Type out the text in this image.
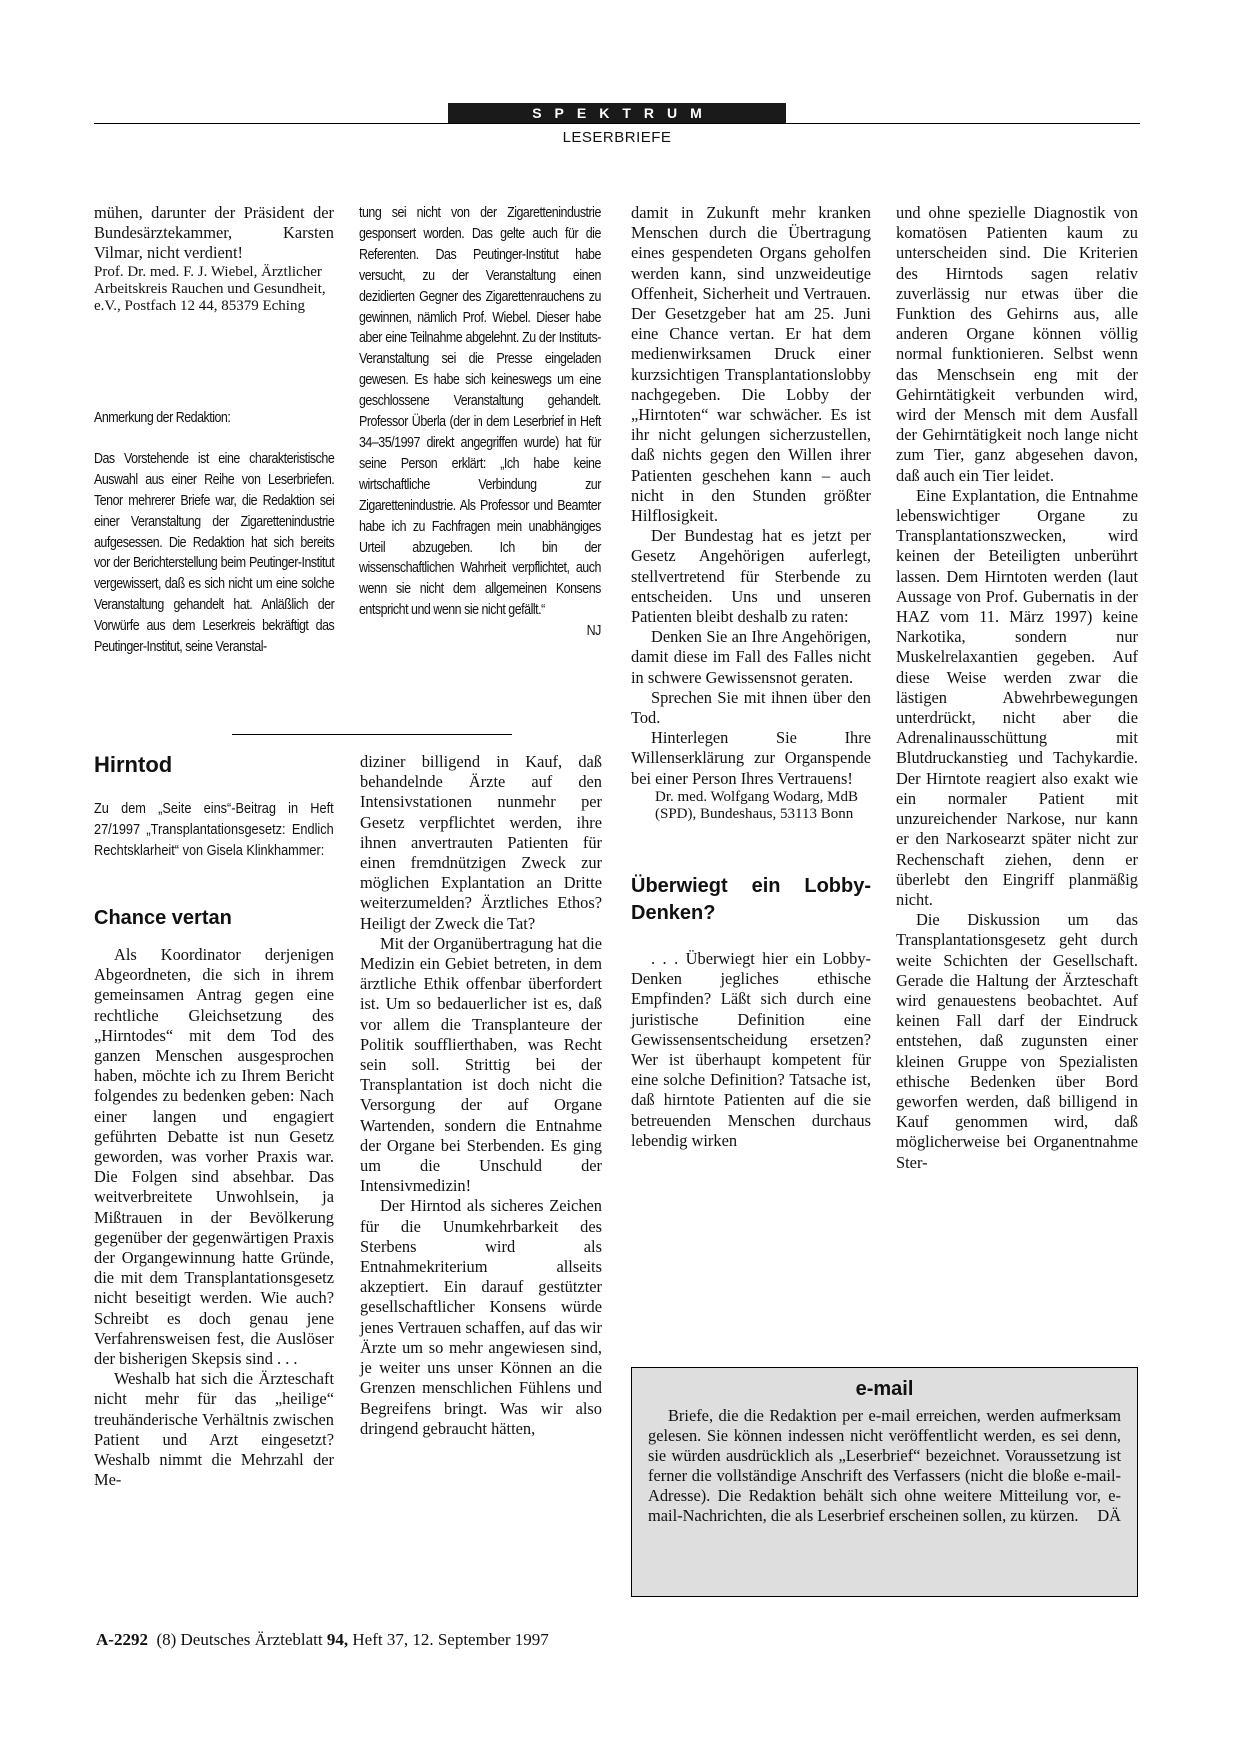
SPEKTRUM
LESERBRIEFE

mühen, darunter der Präsident der Bundesärztekammer, Karsten Vilmar, nicht verdient!

Prof. Dr. med. F. J. Wiebel, Ärztlicher Arbeitskreis Rauchen und Gesundheit, e.V., Postfach 12 44, 85379 Eching

Anmerkung der Redaktion:

Das Vorstehende ist eine charakteristische Auswahl aus einer Reihe von Leserbriefen. Tenor mehrerer Briefe war, die Redaktion sei einer Veranstaltung der Zigarettenindustrie aufgesessen. Die Redaktion hat sich bereits vor der Berichterstellung beim Peutinger-Institut vergewissert, daß es sich nicht um eine solche Veranstaltung gehandelt hat. Anläßlich der Vorwürfe aus dem Leserkreis bekräftigt das Peutinger-Institut, seine Veranstal-

tung sei nicht von der Zigarettenindustrie gesponsert worden. Das gelte auch für die Referenten. Das Peutinger-Institut habe versucht, zu der Veranstaltung einen dezidierten Gegner des Zigarettenrauchens zu gewinnen, nämlich Prof. Wiebel. Dieser habe aber eine Teilnahme abgelehnt. Zu der Instituts-Veranstaltung sei die Presse eingeladen gewesen. Es habe sich keineswegs um eine geschlossene Veranstaltung gehandelt. Professor Überla (der in dem Leserbrief in Heft 34–35/1997 direkt angegriffen wurde) hat für seine Person erklärt: „Ich habe keine wirtschaftliche Verbindung zur Zigarettenindustrie. Als Professor und Beamter habe ich zu Fachfragen mein unabhängiges Urteil abzugeben. Ich bin der wissenschaftlichen Wahrheit verpflichtet, auch wenn sie nicht dem allgemeinen Konsens entspricht und wenn sie nicht gefällt.“

NJ

Hirntod

Zu dem „Seite eins“-Beitrag in Heft 27/1997 „Transplantationsgesetz: Endlich Rechtsklarheit“ von Gisela Klinkhammer:

Chance vertan

Als Koordinator derjenigen Abgeordneten, die sich in ihrem gemeinsamen Antrag gegen eine rechtliche Gleichsetzung des „Hirntodes“ mit dem Tod des ganzen Menschen ausgesprochen haben, möchte ich zu Ihrem Bericht folgendes zu bedenken geben: Nach einer langen und engagiert geführten Debatte ist nun Gesetz geworden, was vorher Praxis war. Die Folgen sind absehbar. Das weitverbreitete Unwohlsein, ja Mißtrauen in der Bevölkerung gegenüber der gegenwärtigen Praxis der Organgewinnung hatte Gründe, die mit dem Transplantationsgesetz nicht beseitigt werden. Wie auch? Schreibt es doch genau jene Verfahrensweisen fest, die Auslöser der bisherigen Skepsis sind . . .

Weshalb hat sich die Ärzteschaft nicht mehr für das „heilige“ treuhänderische Verhältnis zwischen Patient und Arzt eingesetzt? Weshalb nimmt die Mehrzahl der Me-

diziner billigend in Kauf, daß behandelnde Ärzte auf den Intensivstationen nunmehr per Gesetz verpflichtet werden, ihre ihnen anvertrauten Patienten für einen fremdnützigen Zweck zur möglichen Explantation an Dritte weiterzumelden? Ärztliches Ethos? Heiligt der Zweck die Tat?

Mit der Organübertragung hat die Medizin ein Gebiet betreten, in dem ärztliche Ethik offenbar überfordert ist. Um so bedauerlicher ist es, daß vor allem die Transplanteure der Politik soufflierthaben, was Recht sein soll. Strittig bei der Transplantation ist doch nicht die Versorgung der auf Organe Wartenden, sondern die Entnahme der Organe bei Sterbenden. Es ging um die Unschuld der Intensivmedizin!

Der Hirntod als sicheres Zeichen für die Unumkehrbarkeit des Sterbens wird als Entnahmekriterium allseits akzeptiert. Ein darauf gestützter gesellschaftlicher Konsens würde jenes Vertrauen schaffen, auf das wir Ärzte um so mehr angewiesen sind, je weiter uns unser Können an die Grenzen menschlichen Fühlens und Begreifens bringt. Was wir also dringend gebraucht hätten,

damit in Zukunft mehr kranken Menschen durch die Übertragung eines gespendeten Organs geholfen werden kann, sind unzweideutige Offenheit, Sicherheit und Vertrauen. Der Gesetzgeber hat am 25. Juni eine Chance vertan. Er hat dem medienwirksamen Druck einer kurzsichtigen Transplantationslobby nachgegeben. Die Lobby der „Hirntoten“ war schwächer. Es ist ihr nicht gelungen sicherzustellen, daß nichts gegen den Willen ihrer Patienten geschehen kann – auch nicht in den Stunden größter Hilflosigkeit.

Der Bundestag hat es jetzt per Gesetz Angehörigen auferlegt, stellvertretend für Sterbende zu entscheiden. Uns und unseren Patienten bleibt deshalb zu raten:

Denken Sie an Ihre Angehörigen, damit diese im Fall des Falles nicht in schwere Gewissensnot geraten.

Sprechen Sie mit ihnen über den Tod.

Hinterlegen Sie Ihre Willenserklärung zur Organspende bei einer Person Ihres Vertrauens!

Dr. med. Wolfgang Wodarg, MdB (SPD), Bundeshaus, 53113 Bonn

Überwiegt ein Lobby-Denken?

. . . Überwiegt hier ein Lobby-Denken jegliches ethische Empfinden? Läßt sich durch eine juristische Definition eine Gewissensentscheidung ersetzen? Wer ist überhaupt kompetent für eine solche Definition? Tatsache ist, daß hirntote Patienten auf die sie betreuenden Menschen durchaus lebendig wirken

und ohne spezielle Diagnostik von komatösen Patienten kaum zu unterscheiden sind. Die Kriterien des Hirntods sagen relativ zuverlässig nur etwas über die Funktion des Gehirns aus, alle anderen Organe können völlig normal funktionieren. Selbst wenn das Menschsein eng mit der Gehirntätigkeit verbunden wird, wird der Mensch mit dem Ausfall der Gehirntätigkeit noch lange nicht zum Tier, ganz abgesehen davon, daß auch ein Tier leidet.

Eine Explantation, die Entnahme lebenswichtiger Organe zu Transplantationszwecken, wird keinen der Beteiligten unberührt lassen. Dem Hirntoten werden (laut Aussage von Prof. Gubernatis in der HAZ vom 11. März 1997) keine Narkotika, sondern nur Muskelrelaxantien gegeben. Auf diese Weise werden zwar die lästigen Abwehrbewegungen unterdrückt, nicht aber die Adrenalinausschüttung mit Blutdruckanstieg und Tachykardie. Der Hirntote reagiert also exakt wie ein normaler Patient mit unzureichender Narkose, nur kann er den Narkosearzt später nicht zur Rechenschaft ziehen, denn er überlebt den Eingriff planmäßig nicht.

Die Diskussion um das Transplantationsgesetz geht durch weite Schichten der Gesellschaft. Gerade die Haltung der Ärzteschaft wird genauestens beobachtet. Auf keinen Fall darf der Eindruck entstehen, daß zugunsten einer kleinen Gruppe von Spezialisten ethische Bedenken über Bord geworfen werden, daß billigend in Kauf genommen wird, daß möglicherweise bei Organentnahme Ster-

e-mail

Briefe, die die Redaktion per e-mail erreichen, werden aufmerksam gelesen. Sie können indessen nicht veröffentlicht werden, es sei denn, sie würden ausdrücklich als „Leserbrief“ bezeichnet. Voraussetzung ist ferner die vollständige Anschrift des Verfassers (nicht die bloße e-mail-Adresse). Die Redaktion behält sich ohne weitere Mitteilung vor, e-mail-Nachrichten, die als Leserbrief erscheinen sollen, zu kürzen.	DÄ

A-2292 (8) Deutsches Ärzteblatt 94, Heft 37, 12. September 1997
